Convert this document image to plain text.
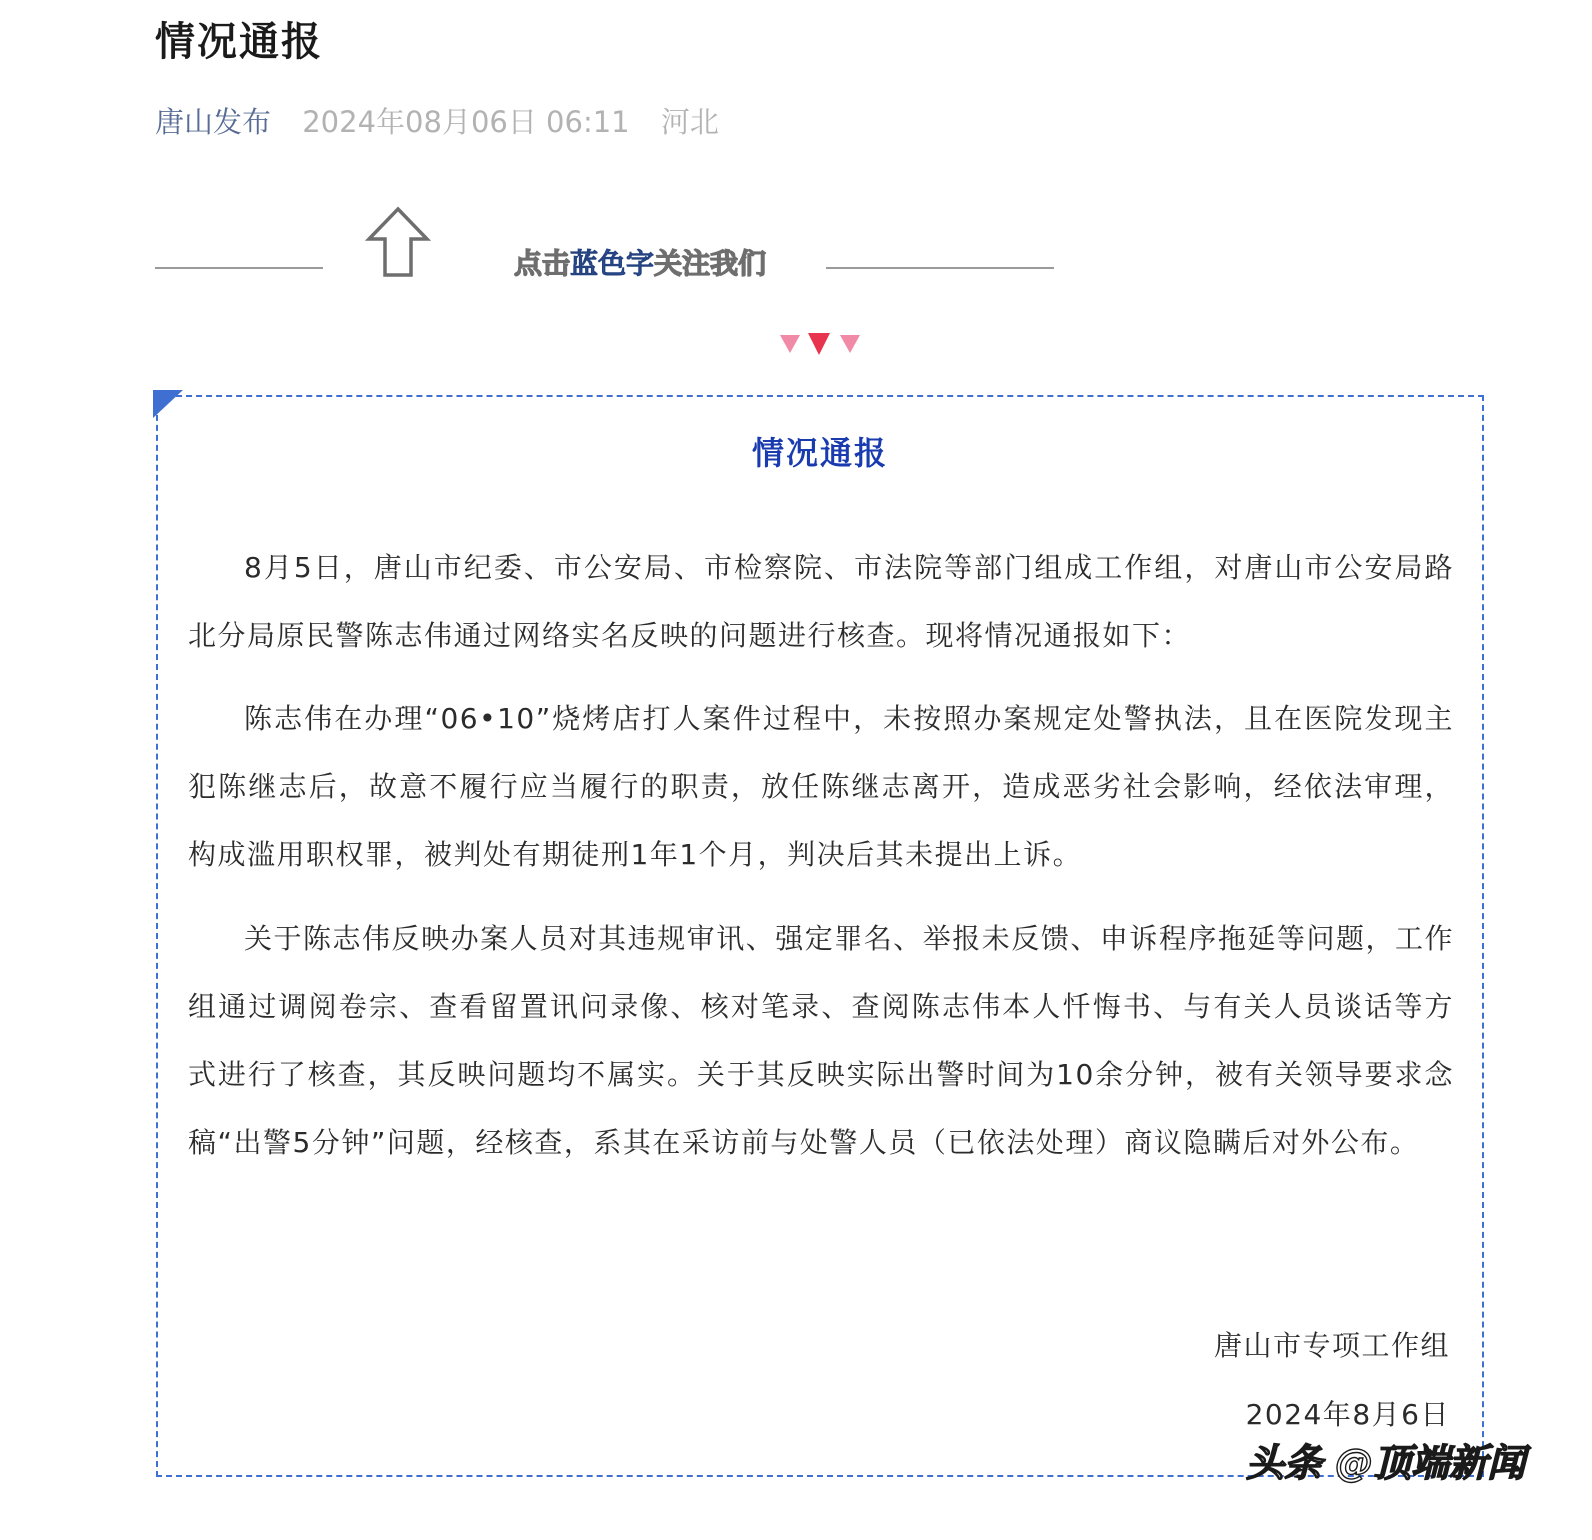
情况通报
唐山发布 2024年08月06日 06:11 河北
点击蓝色字关注我们
情况通报

8月5日，唐山市纪委、市公安局、市检察院、市法院等部门组成工作组，对唐山市公安局路北分局原民警陈志伟通过网络实名反映的问题进行核查。现将情况通报如下：

陈志伟在办理“06•10”烧烤店打人案件过程中，未按照办案规定处警执法，且在医院发现主犯陈继志后，故意不履行应当履行的职责，放任陈继志离开，造成恶劣社会影响，经依法审理，构成滥用职权罪，被判处有期徒刑1年1个月，判决后其未提出上诉。

关于陈志伟反映办案人员对其违规审讯、强定罪名、举报未反馈、申诉程序拖延等问题，工作组通过调阅卷宗、查看留置讯问录像、核对笔录、查阅陈志伟本人忏悔书、与有关人员谈话等方式进行了核查，其反映问题均不属实。关于其反映实际出警时间为10余分钟，被有关领导要求念稿“出警5分钟”问题，经核查，系其在采访前与处警人员（已依法处理）商议隐瞒后对外公布。

唐山市专项工作组
2024年8月6日
头条 @顶端新闻
